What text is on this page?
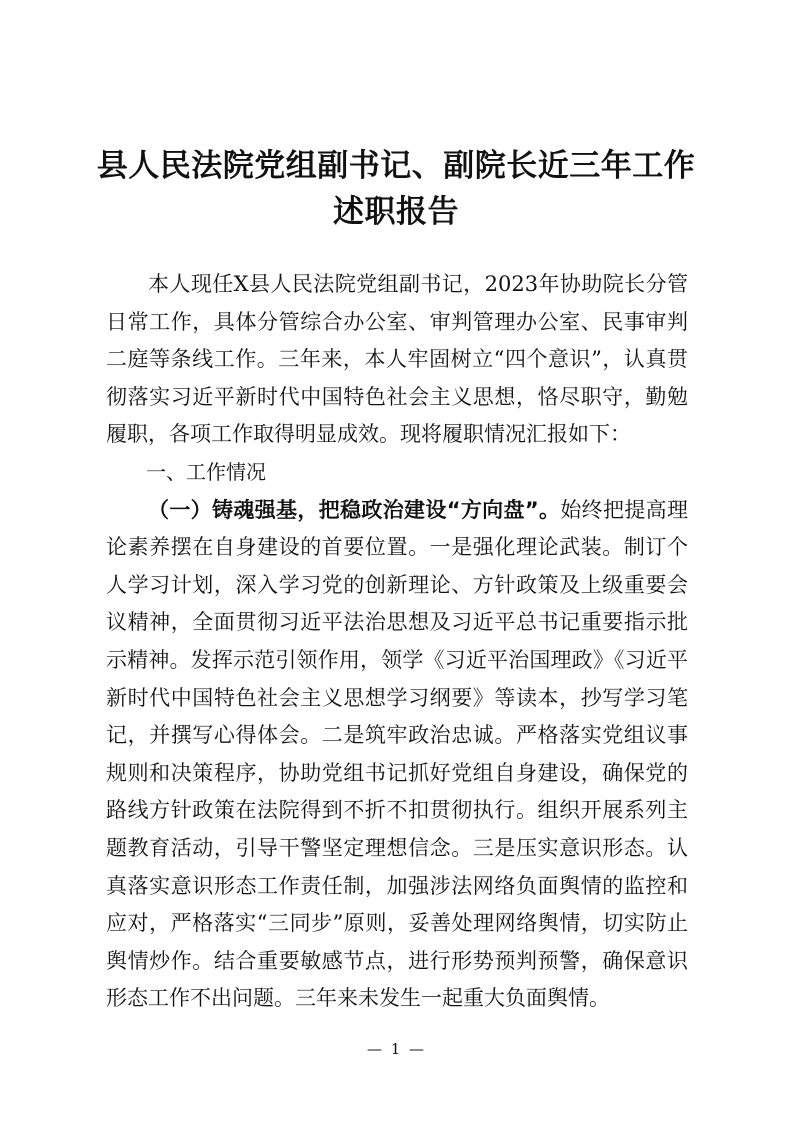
县人民法院党组副书记、副院长近三年工作述职报告

本人现任X县人民法院党组副书记，2023年协助院长分管日常工作，具体分管综合办公室、审判管理办公室、民事审判二庭等条线工作。三年来，本人牢固树立“四个意识”，认真贯彻落实习近平新时代中国特色社会主义思想，恪尽职守，勤勉履职，各项工作取得明显成效。现将履职情况汇报如下：

一、工作情况

（一）铸魂强基，把稳政治建设“方向盘”。始终把提高理论素养摆在自身建设的首要位置。一是强化理论武装。制订个人学习计划，深入学习党的创新理论、方针政策及上级重要会议精神，全面贯彻习近平法治思想及习近平总书记重要指示批示精神。发挥示范引领作用，领学《习近平治国理政》《习近平新时代中国特色社会主义思想学习纲要》等读本，抄写学习笔记，并撰写心得体会。二是筑牢政治忠诚。严格落实党组议事规则和决策程序，协助党组书记抓好党组自身建设，确保党的路线方针政策在法院得到不折不扣贯彻执行。组织开展系列主题教育活动，引导干警坚定理想信念。三是压实意识形态。认真落实意识形态工作责任制，加强涉法网络负面舆情的监控和应对，严格落实“三同步”原则，妥善处理网络舆情，切实防止舆情炒作。结合重要敏感节点，进行形势预判预警，确保意识形态工作不出问题。三年来未发生一起重大负面舆情。

— 1 —
